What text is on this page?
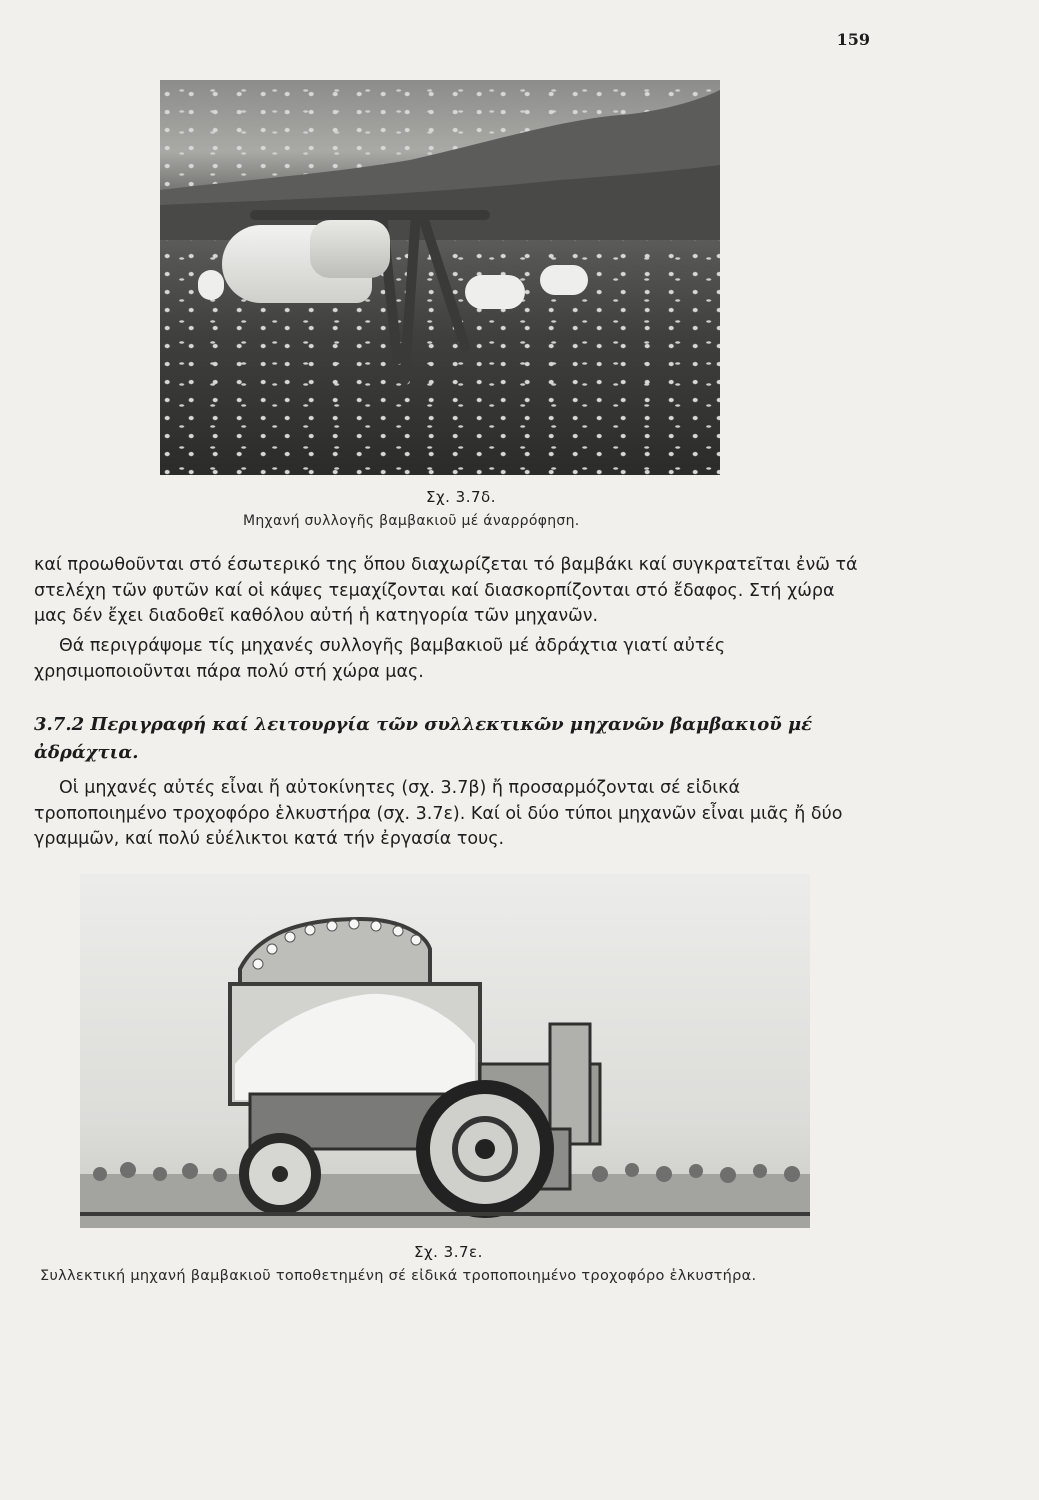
159
Σχ. 3.7δ.
Μηχανή συλλογῆς βαμβακιοῦ μέ άναρρόφηση.

καί προωθοῦνται στό έσωτερικό της ὅπου διαχωρίζεται τό βαμβάκι καί συγκρατεῖται ἐνῶ τά στελέχη τῶν φυτῶν καί οἱ κάψες τεμαχίζονται καί διασκορπίζονται στό ἔδαφος. Στή χώρα μας δέν ἔχει διαδοθεῖ καθόλου αὐτή ἡ κατηγορία τῶν μηχανῶν.

Θά περιγράψομε τίς μηχανές συλλογῆς βαμβακιοῦ μέ ἀδράχτια γιατί αὐτές χρησιμοποιοῦνται πάρα πολύ στή χώρα μας.

3.7.2 Περιγραφή καί λειτουργία τῶν συλλεκτικῶν μηχανῶν βαμβακιοῦ μέ ἀδράχτια.

Οἱ μηχανές αὐτές εἶναι ἤ αὐτοκίνητες (σχ. 3.7β) ἤ προσαρμόζονται σέ εἰδικά τροποποιημένο τροχοφόρο ἑλκυστήρα (σχ. 3.7ε). Καί οἱ δύο τύποι μηχανῶν εἶναι μιᾶς ἤ δύο γραμμῶν, καί πολύ εὐέλικτοι κατά τήν ἐργασία τους.

Σχ. 3.7ε.
Συλλεκτική μηχανή βαμβακιοῦ τοποθετημένη σέ εἰδικά τροποποιημένο τροχοφόρο ἑλκυστήρα.
